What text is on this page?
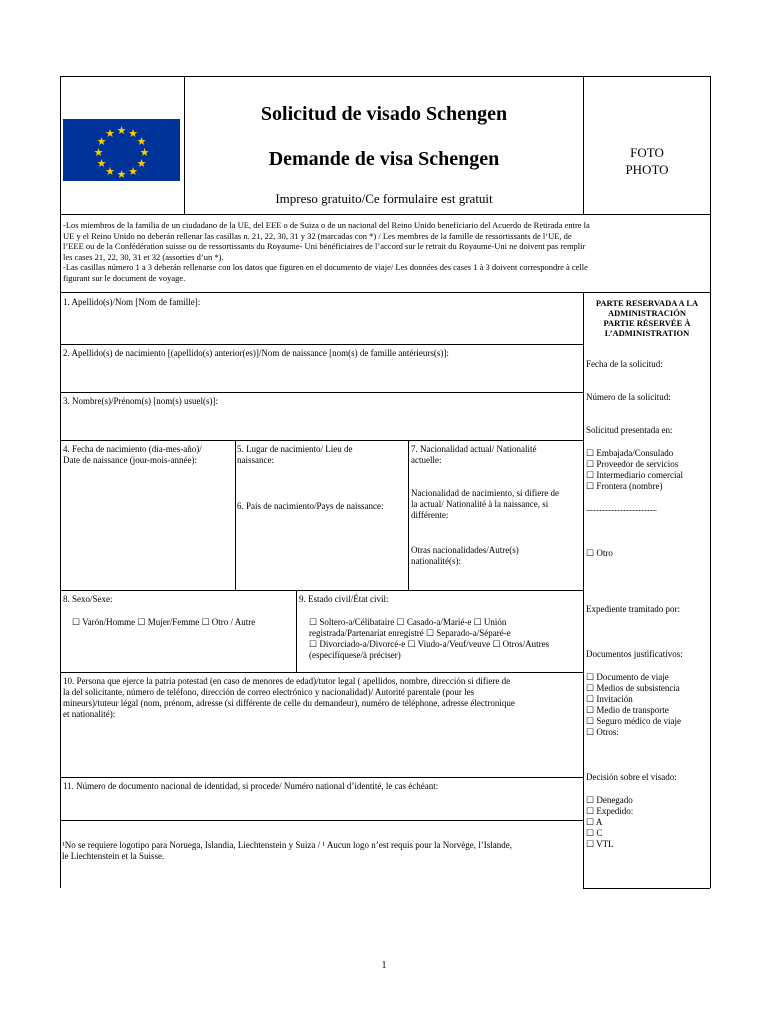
★ ★
★
★
★
★
★
★
★
★
★
★
Solicitud de visado Schengen
Demande de visa Schengen
Impreso gratuito/Ce formulaire est gratuit
FOTO
PHOTO
-Los miembros de la familia de un ciudadano de la UE, del EEE o de Suiza o de un nacional del Reino Unido beneficiario del Acuerdo de Retirada entre la
UE y el Reino Unido no deberán rellenar las casillas n. 21, 22, 30, 31 y 32 (marcadas con *) / Les membres de la famille de ressortissants de l’UE, de
l’EEE ou de la Confédération suisse ou de ressortissants du Royaume- Uni bénéficiaires de l’accord sur le retrait du Royaume-Uni ne doivent pas remplir
les cases 21, 22, 30, 31 et 32 (assorties d’un *).
-Las casillas número 1 a 3 deberán rellenarse con los datos que figuren en el documento de viaje/ Les données des cases 1 à 3 doivent correspondre à celle
figurant sur le document de voyage.
1. Apellido(s)/Nom [Nom de famille]:
2. Apellido(s) de nacimiento [(apellido(s) anterior(es)]/Nom de naissance [nom(s) de famille antérieurs(s)]:
3. Nombre(s)/Prénom(s) [nom(s) usuel(s)]:
4. Fecha de nacimiento (día-mes-año)/
Date de naissance (jour-mois-année):
5. Lugar de nacimiento/ Lieu de
naissance:
6. País de nacimiento/Pays de naissance:
7. Nacionalidad actual/ Nationalité
actuelle:
Nacionalidad de nacimiento, si difiere de
la actual/ Nationalité à la naissance, si
différente:
Otras nacionalidades/Autre(s)
nationalité(s):
8. Sexo/Sexe:
☐ Varón/Homme ☐ Mujer/Femme ☐ Otro / Autre
9. Estado civil/État civil:
☐ Soltero-a/Célibataire ☐ Casado-a/Marié-e ☐ Unión
registrada/Partenariat enregistré ☐ Separado-a/Séparé-e
☐ Divorciado-a/Divorcé-e ☐ Viudo-a/Veuf/veuve ☐ Otros/Autres
(especifíquese/à préciser)
10. Persona que ejerce la patria potestad (en caso de menores de edad)/tutor legal ( apellidos, nombre, dirección si difiere de
la del solicitante, número de teléfono, dirección de correo electrónico y nacionalidad)/ Autorité parentale (pour les
mineurs)/tuteur légal (nom, prénom, adresse (si différente de celle du demandeur), numéro de téléphone, adresse électronique
et nationalité):
11. Número de documento nacional de identidad, si procede/ Numéro national d’identité, le cas échéant:
¹No se requiere logotipo para Noruega, Islandia, Liechtenstein y Suiza / ¹ Aucun logo n’est requis pour la Norvège, l’Islande,
le Liechtenstein et la Suisse.
PARTE RESERVADA A LA
ADMINISTRACIÓN
PARTIE RÉSERVÉE À
L’ADMINISTRATION
Fecha de la solicitud:
Número de la solicitud:
Solicitud presentada en:
☐ Embajada/Consulado
☐ Proveedor de servicios
☐ Intermediario comercial
☐ Frontera (nombre)
...............................................
☐ Otro
Expediente tramitado por:
Documentos justificativos:
☐ Documento de viaje
☐ Medios de subsistencia
☐ Invitación
☐ Medio de transporte
☐ Seguro médico de viaje
☐ Otros:
Decisión sobre el visado:
☐ Denegado
☐ Expedido:
☐ A
☐ C
☐ VTL
1
